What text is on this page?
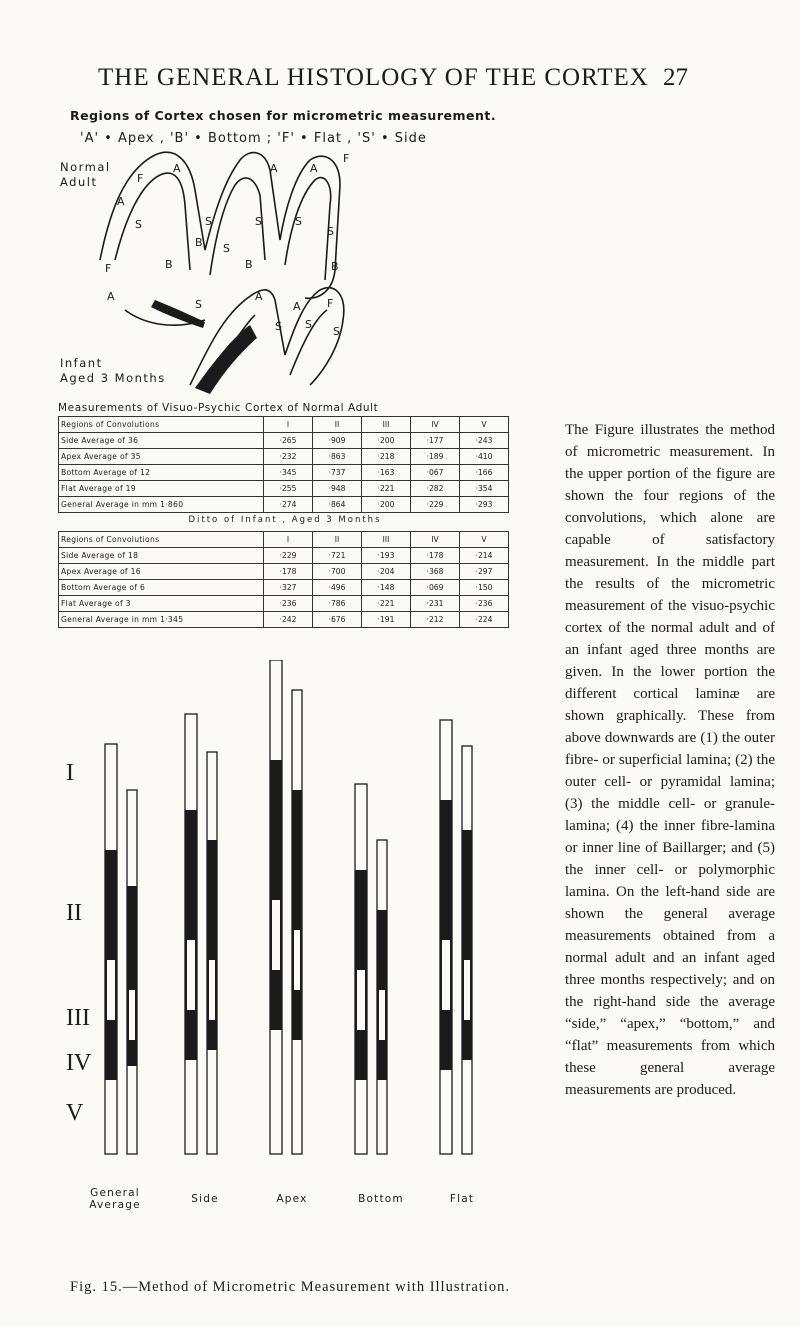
THE GENERAL HISTOLOGY OF THE CORTEX 27
Regions of Cortex chosen for micrometric measurement.
'A' • Apex , 'B' • Bottom ; 'F' • Flat , 'S' • Side
Normal
Adult
Infant
Aged 3 Months
A
F
A
S
S
A	A
F
S	S
S
S
B
B	B
F	B
A
S
A
A F
S S
S
Measurements of Visuo-Psychic Cortex of Normal Adult
Regions of Convolutions	I	II	III	IV	V
Side Average of 36	·265	·909	·200	·177	·243
Apex Average of 35	·232	·863	·218	·189	·410
Bottom Average of 12	·345	·737	·163	·067	·166
Flat Average of 19	·255	·948	·221	·282	·354
General Average in mm 1·860	·274	·864	·200	·229	·293
Ditto of Infant , Aged 3 Months
Regions of Convolutions	I	II	III	IV	V
Side Average of 18	·229	·721	·193	·178	·214
Apex Average of 16	·178	·700	·204	·368	·297
Bottom Average of 6	·327	·496	·148	·069	·150
Flat Average of 3	·236	·786	·221	·231	·236
General Average in mm 1·345	·242	·676	·191	·212	·224
I
II
III
IV
V
General
Average	Side	Apex	Bottom	Flat
The Figure illustrates the method of micrometric measurement. In the upper portion of the figure are shown the four regions of the convolutions, which alone are capable of satisfactory measurement. In the middle part the results of the micrometric measurement of the visuo-psychic cortex of the normal adult and of an infant aged three months are given. In the lower portion the different cortical laminæ are shown graphically. These from above downwards are (1) the outer fibre- or superficial lamina; (2) the outer cell- or pyramidal lamina; (3) the middle cell- or granule-lamina; (4) the inner fibre-lamina or inner line of Baillarger; and (5) the inner cell- or polymorphic lamina. On the left-hand side are shown the general average measurements obtained from a normal adult and an infant aged three months respectively; and on the right-hand side the average “side,” “apex,” “bottom,” and “flat” measurements from which these general average measurements are produced.
Fig. 15.—Method of Micrometric Measurement with Illustration.
